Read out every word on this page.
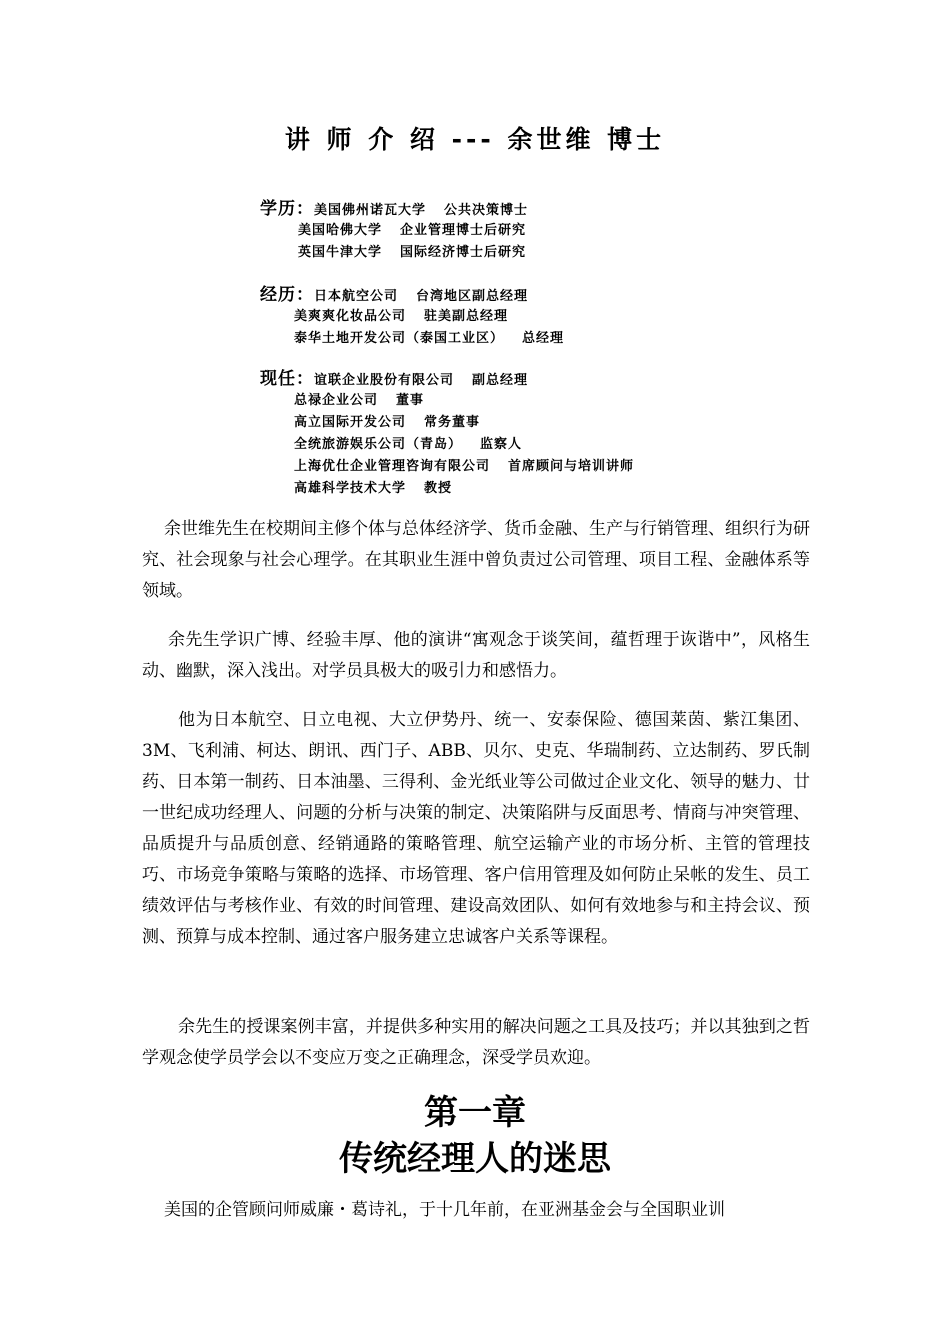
讲 师 介 绍 --- 余世维 博士
学历：美国佛州诺瓦大学 公共决策博士
美国哈佛大学 企业管理博士后研究
英国牛津大学 国际经济博士后研究
经历：日本航空公司 台湾地区副总经理
美爽爽化妆品公司 驻美副总经理
泰华土地开发公司（泰国工业区） 总经理
现任：谊联企业股份有限公司 副总经理
总禄企业公司 董事
高立国际开发公司 常务董事
全统旅游娱乐公司（青岛） 监察人
上海优仕企业管理咨询有限公司 首席顾问与培训讲师
高雄科学技术大学 教授

余世维先生在校期间主修个体与总体经济学、货币金融、生产与行销管理、组织行为研究、社会现象与社会心理学。在其职业生涯中曾负责过公司管理、项目工程、金融体系等领域。

余先生学识广博、经验丰厚、他的演讲“寓观念于谈笑间，蕴哲理于诙谐中”，风格生动、幽默，深入浅出。对学员具极大的吸引力和感悟力。

他为日本航空、日立电视、大立伊势丹、统一、安泰保险、德国莱茵、紫江集团、3M、飞利浦、柯达、朗讯、西门子、ABB、贝尔、史克、华瑞制药、立达制药、罗氏制药、日本第一制药、日本油墨、三得利、金光纸业等公司做过企业文化、领导的魅力、廿一世纪成功经理人、问题的分析与决策的制定、决策陷阱与反面思考、情商与冲突管理、品质提升与品质创意、经销通路的策略管理、航空运输产业的市场分析、主管的管理技巧、市场竞争策略与策略的选择、市场管理、客户信用管理及如何防止呆帐的发生、员工绩效评估与考核作业、有效的时间管理、建设高效团队、如何有效地参与和主持会议、预测、预算与成本控制、通过客户服务建立忠诚客户关系等课程。

余先生的授课案例丰富，并提供多种实用的解决问题之工具及技巧；并以其独到之哲学观念使学员学会以不变应万变之正确理念，深受学员欢迎。

第一章
传统经理人的迷思

美国的企管顾问师威廉・葛诗礼，于十几年前，在亚洲基金会与全国职业训
